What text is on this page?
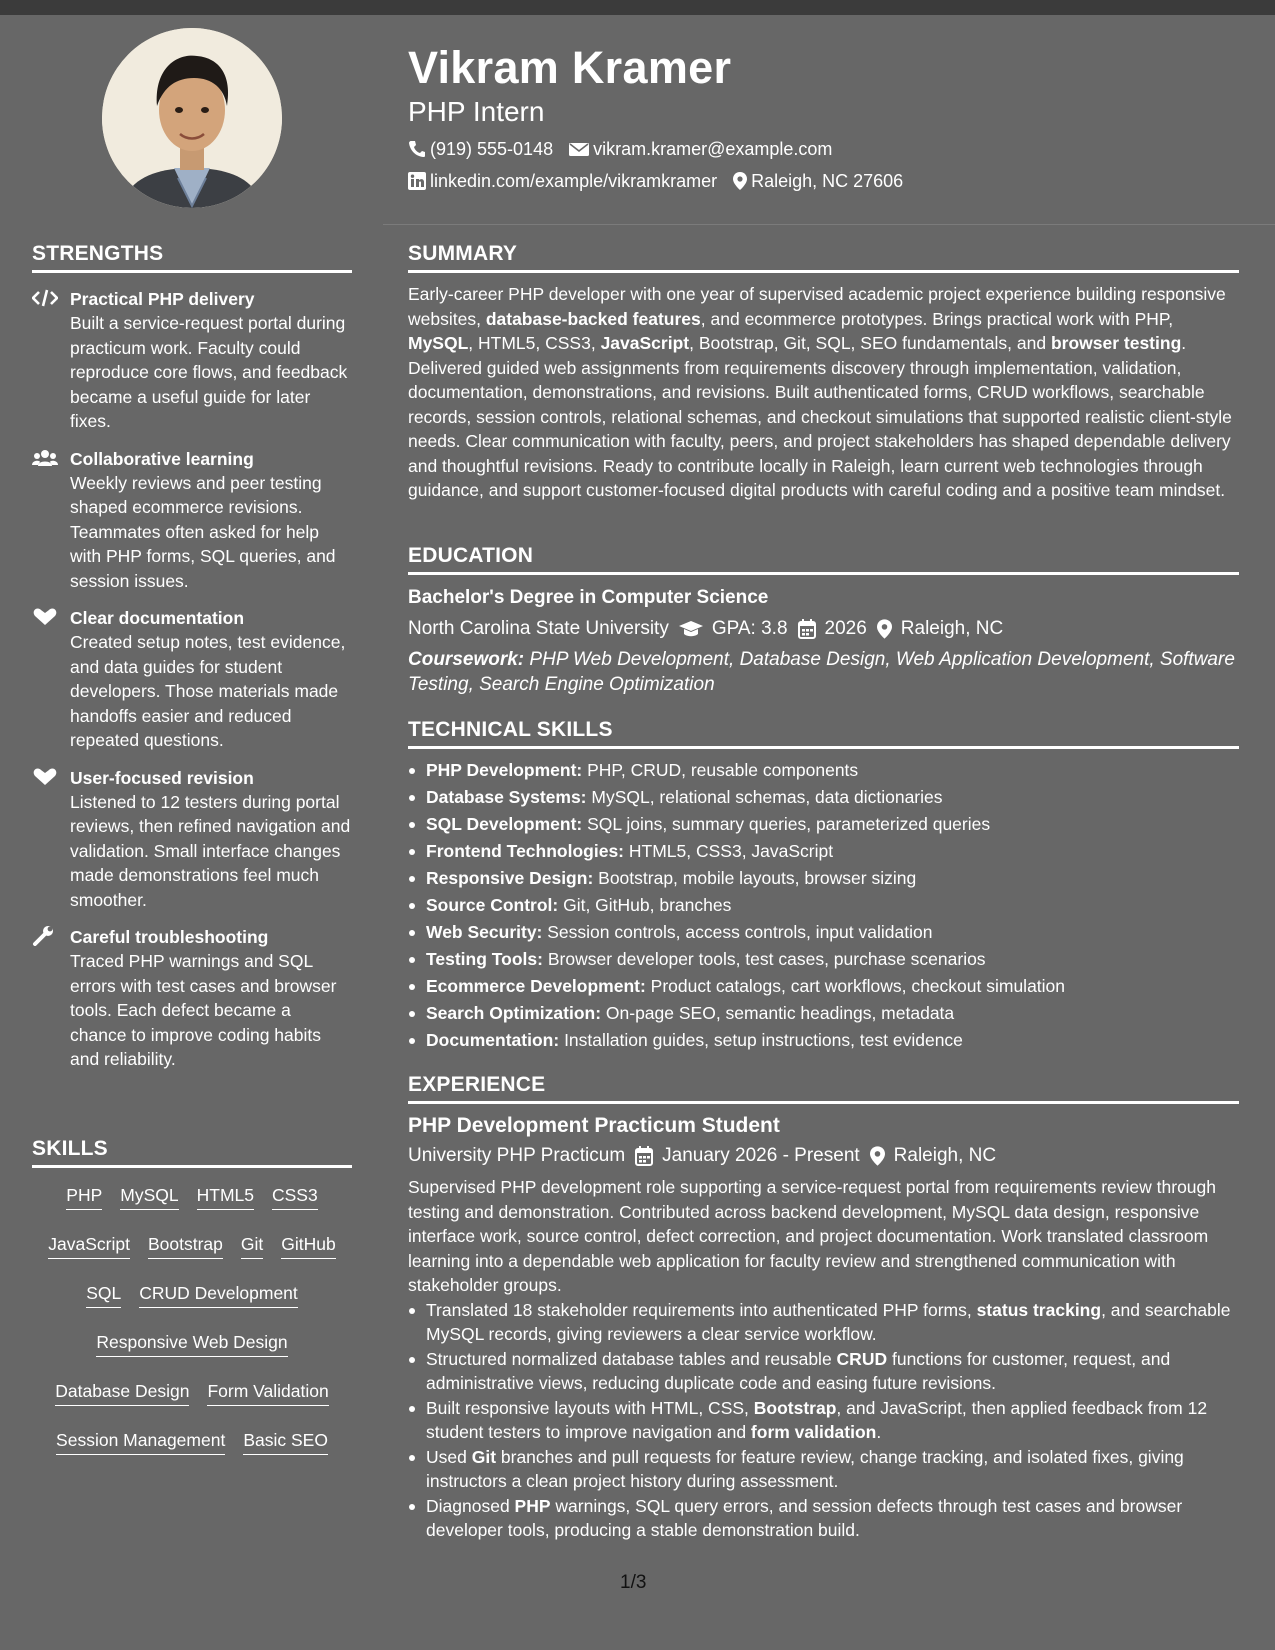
STRENGTHS
Practical PHP delivery
Built a service-request portal during practicum work. Faculty could reproduce core flows, and feedback became a useful guide for later fixes.
Collaborative learning
Weekly reviews and peer testing shaped ecommerce revisions. Teammates often asked for help with PHP forms, SQL queries, and session issues.
Clear documentation
Created setup notes, test evidence, and data guides for student developers. Those materials made handoffs easier and reduced repeated questions.
User-focused revision
Listened to 12 testers during portal reviews, then refined navigation and validation. Small interface changes made demonstrations feel much smoother.
Careful troubleshooting
Traced PHP warnings and SQL errors with test cases and browser tools. Each defect became a chance to improve coding habits and reliability.
SKILLS
PHP MySQL HTML5 CSS3
JavaScript Bootstrap Git GitHub
SQL CRUD Development
Responsive Web Design
Database Design Form Validation
Session Management Basic SEO
Vikram Kramer
PHP Intern
(919) 555-0148 vikram.kramer@example.com
linkedin.com/example/vikramkramer Raleigh, NC 27606
SUMMARY
Early-career PHP developer with one year of supervised academic project experience building responsive websites, database-backed features, and ecommerce prototypes. Brings practical work with PHP, MySQL, HTML5, CSS3, JavaScript, Bootstrap, Git, SQL, SEO fundamentals, and browser testing. Delivered guided web assignments from requirements discovery through implementation, validation, documentation, demonstrations, and revisions. Built authenticated forms, CRUD workflows, searchable records, session controls, relational schemas, and checkout simulations that supported realistic client-style needs. Clear communication with faculty, peers, and project stakeholders has shaped dependable delivery and thoughtful revisions. Ready to contribute locally in Raleigh, learn current web technologies through guidance, and support customer-focused digital products with careful coding and a positive team mindset.
EDUCATION
Bachelor's Degree in Computer Science
North Carolina State University GPA: 3.8 2026 Raleigh, NC
Coursework: PHP Web Development, Database Design, Web Application Development, Software Testing, Search Engine Optimization
TECHNICAL SKILLS
PHP Development: PHP, CRUD, reusable components
Database Systems: MySQL, relational schemas, data dictionaries
SQL Development: SQL joins, summary queries, parameterized queries
Frontend Technologies: HTML5, CSS3, JavaScript
Responsive Design: Bootstrap, mobile layouts, browser sizing
Source Control: Git, GitHub, branches
Web Security: Session controls, access controls, input validation
Testing Tools: Browser developer tools, test cases, purchase scenarios
Ecommerce Development: Product catalogs, cart workflows, checkout simulation
Search Optimization: On-page SEO, semantic headings, metadata
Documentation: Installation guides, setup instructions, test evidence
EXPERIENCE
PHP Development Practicum Student
University PHP Practicum January 2026 - Present Raleigh, NC
Supervised PHP development role supporting a service-request portal from requirements review through testing and demonstration. Contributed across backend development, MySQL data design, responsive interface work, source control, defect correction, and project documentation. Work translated classroom learning into a dependable web application for faculty review and strengthened communication with stakeholder groups.
Translated 18 stakeholder requirements into authenticated PHP forms, status tracking, and searchable MySQL records, giving reviewers a clear service workflow.
Structured normalized database tables and reusable CRUD functions for customer, request, and administrative views, reducing duplicate code and easing future revisions.
Built responsive layouts with HTML, CSS, Bootstrap, and JavaScript, then applied feedback from 12 student testers to improve navigation and form validation.
Used Git branches and pull requests for feature review, change tracking, and isolated fixes, giving instructors a clean project history during assessment.
Diagnosed PHP warnings, SQL query errors, and session defects through test cases and browser developer tools, producing a stable demonstration build.
1/3
